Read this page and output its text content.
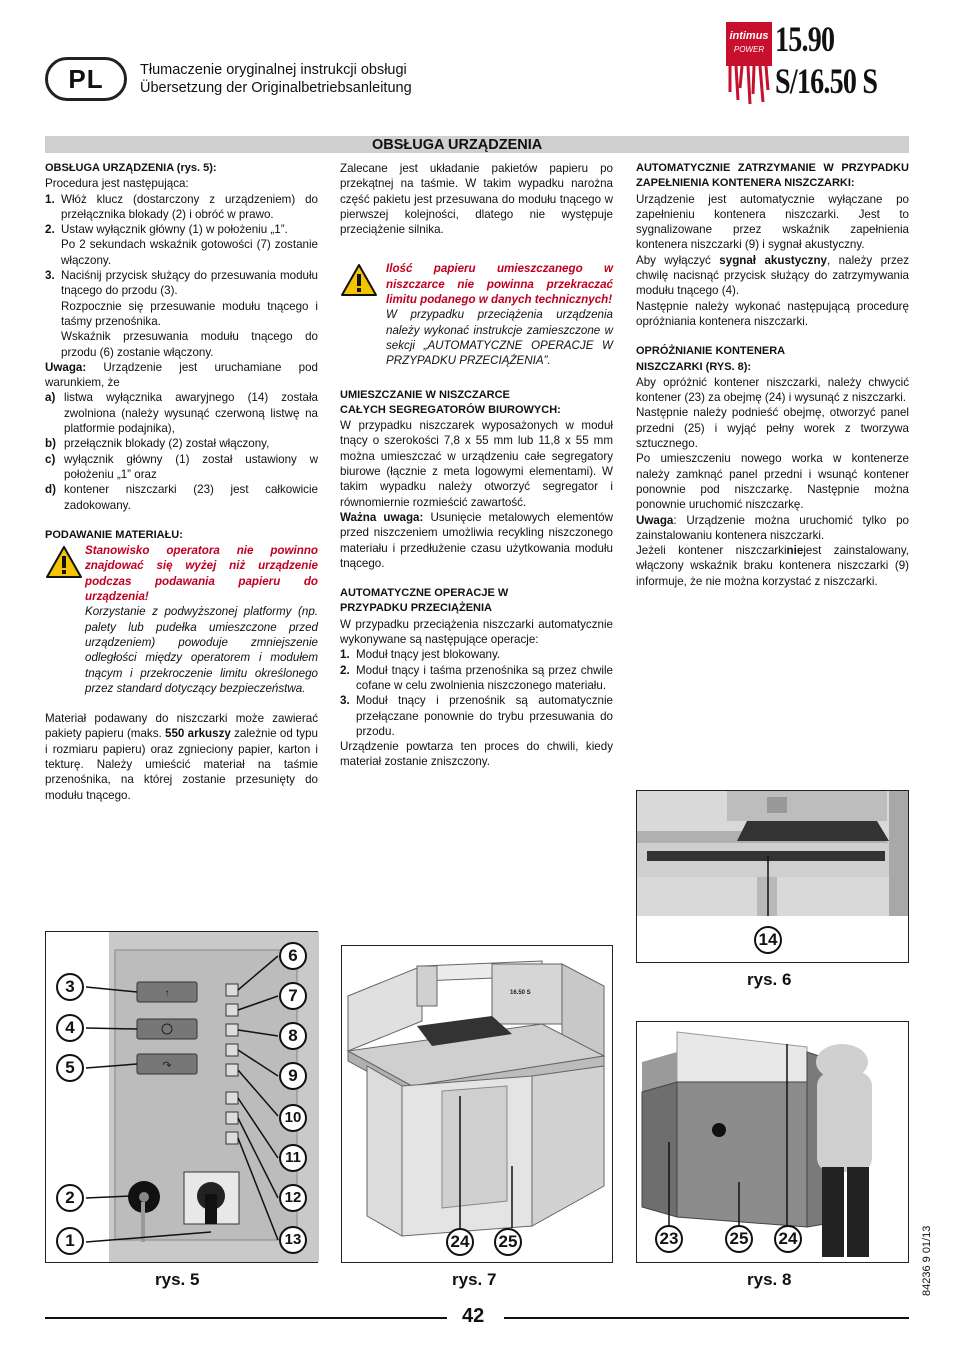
PL	Tłumaczenie oryginalnej instrukcji obsługi
Übersetzung der Originalbetriebsanleitung
intimus
POWER 15.90 S/16.50 S
OBSŁUGA URZĄDZENIA

OBSŁUGA URZĄDZENIA (rys. 5):

Procedura jest następująca:

1. Włóż klucz (dostarczony z urządzeniem) do przełącznika blokady (2) i obróć w prawo.
2. Ustaw wyłącznik główny (1) w położeniu „1”.

Po 2 sekundach wskaźnik gotowości (7) zostanie włączony.

3. Naciśnij przycisk służący do przesuwania modułu tnącego do przodu (3).

Rozpocznie się przesuwanie modułu tnącego i taśmy przenośnika.

Wskaźnik przesuwania modułu tnącego do przodu (6) zostanie włączony.

Uwaga: Urządzenie jest uruchamiane pod warunkiem, że

a) listwa wyłącznika awaryjnego (14) została zwolniona (należy wysunąć czerwoną listwę na platformie podajnika),
b) przełącznik blokady (2) został włączony,
c) wyłącznik główny (1) został ustawiony w położeniu „1” oraz
d) kontener niszczarki (23) jest całkowicie zadokowany.

PODAWANIE MATERIAŁU:

Stanowisko operatora nie powinno znajdować się wyżej niż urządzenie podczas podawania papieru do urządzenia!

Korzystanie z podwyższonej platformy (np. palety lub pudełka umieszczone przed urządzeniem) powoduje zmniejszenie odległości między operatorem i modułem tnącym i przekroczenie limitu określonego przez standard dotyczący bezpieczeństwa.

Materiał podawany do niszczarki może zawierać pakiety papieru (maks. 550 arkuszy zależnie od typu i rozmiaru papieru) oraz zgnieciony papier, karton i tekturę. Należy umieścić materiał na taśmie przenośnika, na której zostanie przesunięty do modułu tnącego.

Zalecane jest układanie pakietów papieru po przekątnej na taśmie. W takim wypadku narożna część pakietu jest przesuwana do modułu tnącego w pierwszej kolejności, dlatego nie występuje przeciążenie silnika.

Ilość papieru umieszczanego w niszczarce nie powinna przekraczać limitu podanego w danych technicznych!

W przypadku przeciążenia urządzenia należy wykonać instrukcje zamieszczone w sekcji „AUTOMATYCZNE OPERACJE W PRZYPADKU PRZECIĄŻENIA”.

UMIESZCZANIE W NISZCZARCE

CAŁYCH SEGREGATORÓW BIUROWYCH:

W przypadku niszczarek wyposażonych w moduł tnący o szerokości 7,8 x 55 mm lub 11,8 x 55 mm można umieszczać w urządzeniu całe segregatory biurowe (łącznie z meta logowymi elementami). W takim wypadku należy otworzyć segregator i równomiernie rozmieścić zawartość.

Ważna uwaga: Usunięcie metalowych elementów przed niszczeniem umożliwia recykling niszczonego materiału i przedłużenie czasu użytkowania modułu tnącego.

AUTOMATYCZNE OPERACJE W

PRZYPADKU PRZECIĄŻENIA

W przypadku przeciążenia niszczarki automatycznie wykonywane są następujące operacje:

1. Moduł tnący jest blokowany.
2. Moduł tnący i taśma przenośnika są przez chwile cofane w celu zwolnienia niszczonego materiału.
3. Moduł tnący i przenośnik są automatycznie przełączane ponownie do trybu przesuwania do przodu.

Urządzenie powtarza ten proces do chwili, kiedy materiał zostanie zniszczony.

AUTOMATYCZNIE ZATRZYMANIE W PRZYPADKU ZAPEŁNIENIA KONTENERA NISZCZARKI:

Urządzenie jest automatycznie wyłączane po zapełnieniu kontenera niszczarki. Jest to sygnalizowane przez wskaźnik zapełnienia kontenera niszczarki (9) i sygnał akustyczny.

Aby wyłączyć sygnał akustyczny, należy przez chwilę nacisnąć przycisk służący do zatrzymywania modułu tnącego (4).

Następnie należy wykonać następującą procedurę opróżniania kontenera niszczarki.

OPRÓŻNIANIE KONTENERA

NISZCZARKI (RYS. 8):

Aby opróżnić kontener niszczarki, należy chwycić kontener (23) za obejmę (24) i wysunąć z niszczarki.

Następnie należy podnieść obejmę, otworzyć panel przedni (25) i wyjąć pełny worek z tworzywa sztucznego.

Po umieszczeniu nowego worka w kontenerze należy zamknąć panel przedni i wsunąć kontener ponownie pod niszczarkę. Następnie można ponownie uruchomić niszczarkę.

Uwaga: Urządzenie można uruchomić tylko po zainstalowaniu kontenera niszczarki.

Jeżeli kontener niszczarkiniejest zainstalowany, włączony wskaźnik braku kontenera niszczarki (9) informuje, że nie można korzystać z niszczarki.

14
rys. 6
↑
↷
3
4
5
2
1
6
7
8
9
10
11
12
13
rys. 5
16.50 S
24 25
rys. 7
23	25 24
rys. 8
42
84236 9 01/13
